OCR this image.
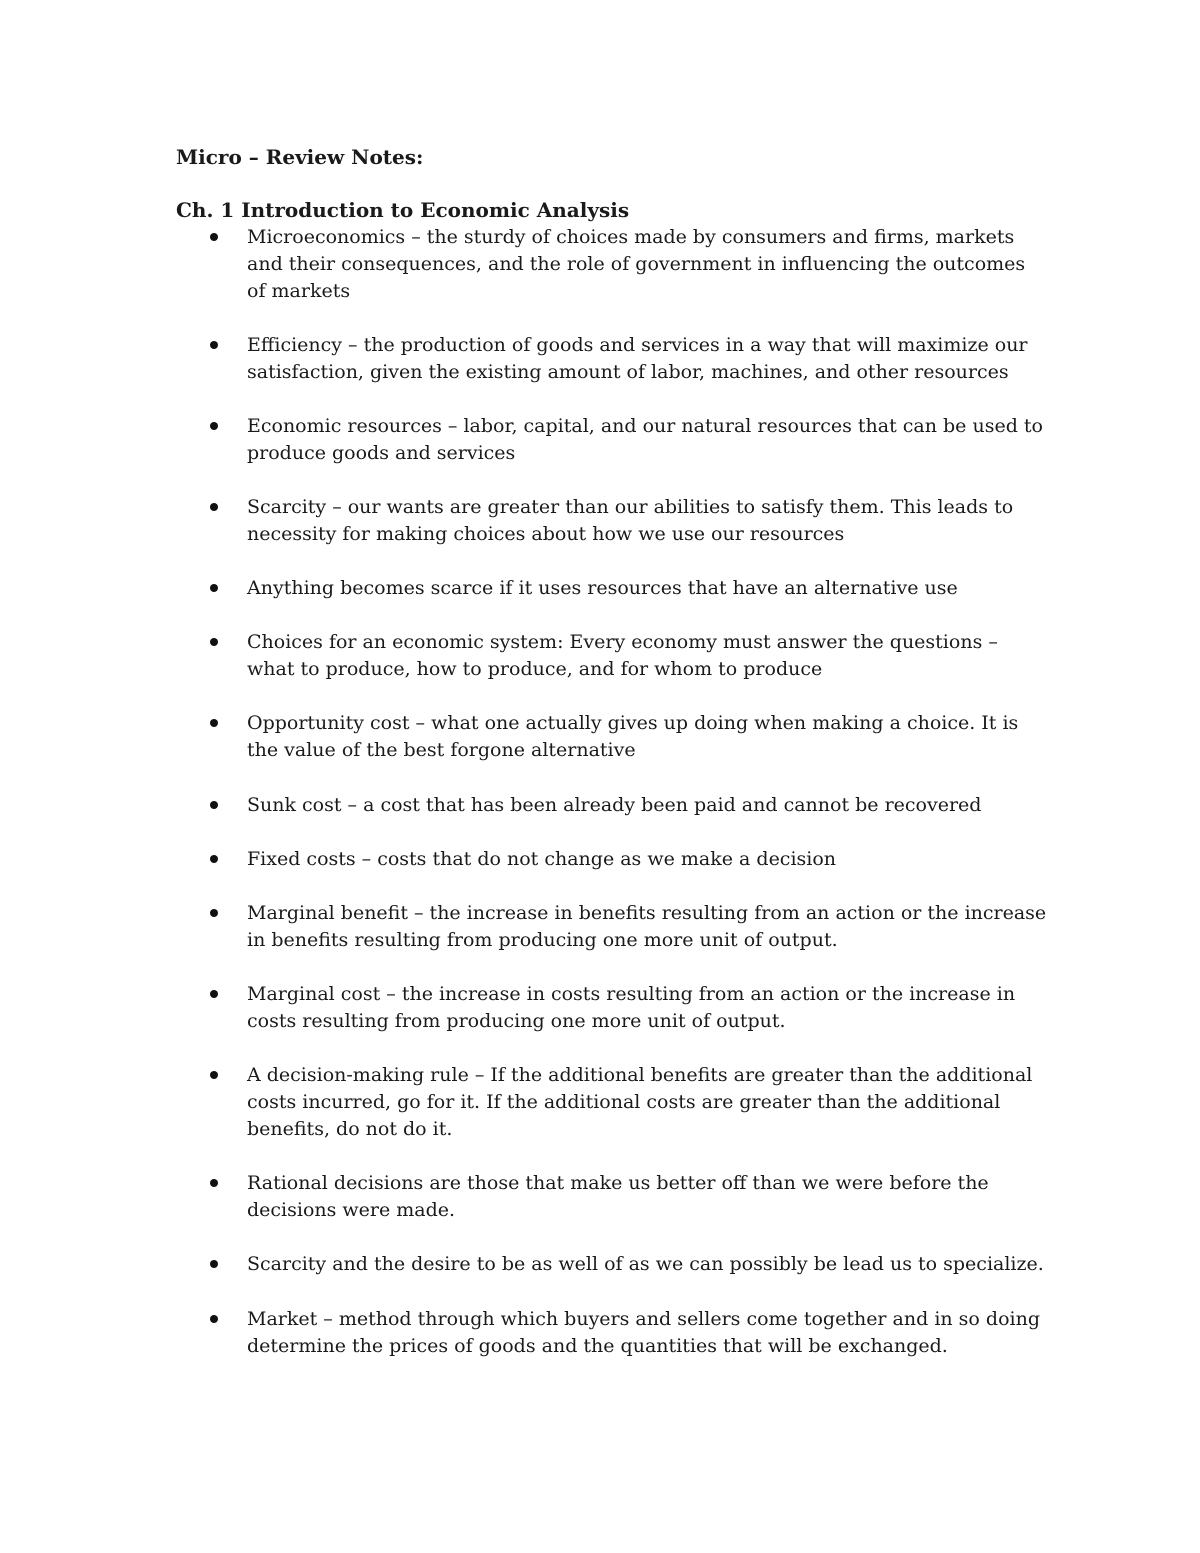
Micro – Review Notes:
Ch. 1 Introduction to Economic Analysis
Microeconomics – the sturdy of choices made by consumers and firms, markets and their consequences, and the role of government in influencing the outcomes of markets
Efficiency – the production of goods and services in a way that will maximize our satisfaction, given the existing amount of labor, machines, and other resources
Economic resources – labor, capital, and our natural resources that can be used to produce goods and services
Scarcity – our wants are greater than our abilities to satisfy them. This leads to necessity for making choices about how we use our resources
Anything becomes scarce if it uses resources that have an alternative use
Choices for an economic system: Every economy must answer the questions – what to produce, how to produce, and for whom to produce
Opportunity cost – what one actually gives up doing when making a choice. It is the value of the best forgone alternative
Sunk cost – a cost that has been already been paid and cannot be recovered
Fixed costs – costs that do not change as we make a decision
Marginal benefit – the increase in benefits resulting from an action or the increase in benefits resulting from producing one more unit of output.
Marginal cost – the increase in costs resulting from an action or the increase in costs resulting from producing one more unit of output.
A decision-making rule – If the additional benefits are greater than the additional costs incurred, go for it. If the additional costs are greater than the additional benefits, do not do it.
Rational decisions are those that make us better off than we were before the decisions were made.
Scarcity and the desire to be as well of as we can possibly be lead us to specialize.
Market – method through which buyers and sellers come together and in so doing determine the prices of goods and the quantities that will be exchanged.
